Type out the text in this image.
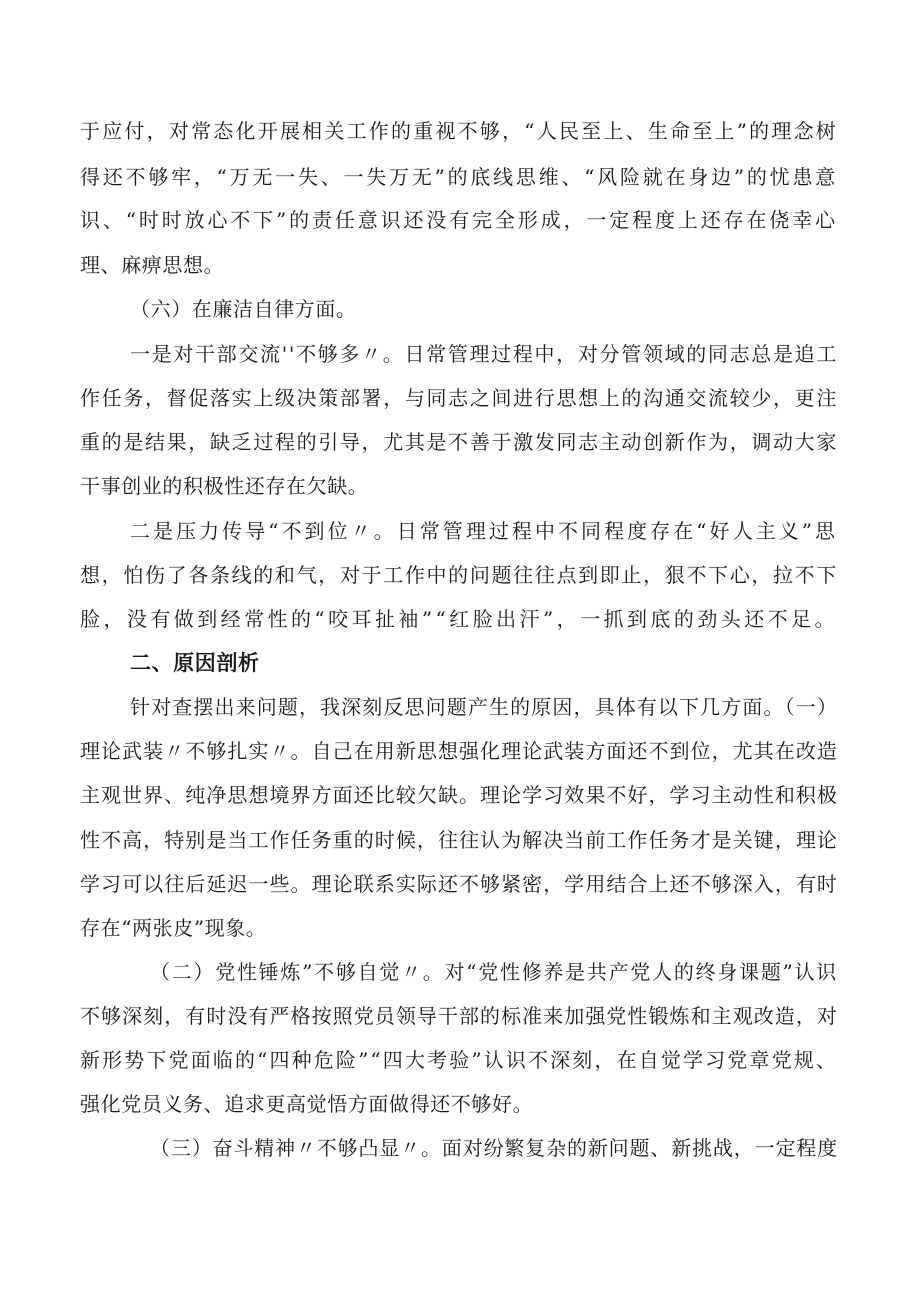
于应付，对常态化开展相关工作的重视不够，“人民至上、生命至上”的理念树
得还不够牢，“万无一失、一失万无”的底线思维、“风险就在身边”的忧患意
识、“时时放心不下”的责任意识还没有完全形成，一定程度上还存在侥幸心
理、麻痹思想。
（六）在廉洁自律方面。
一是对干部交流''不够多〃。日常管理过程中，对分管领域的同志总是追工
作任务，督促落实上级决策部署，与同志之间进行思想上的沟通交流较少，更注
重的是结果，缺乏过程的引导，尤其是不善于激发同志主动创新作为，调动大家
干事创业的积极性还存在欠缺。
二是压力传导“不到位〃。日常管理过程中不同程度存在“好人主义”思
想，怕伤了各条线的和气，对于工作中的问题往往点到即止，狠不下心，拉不下
脸，没有做到经常性的“咬耳扯袖”“红脸出汗”，一抓到底的劲头还不足。
二、原因剖析
针对查摆出来问题，我深刻反思问题产生的原因，具体有以下几方面。（一）
理论武装〃不够扎实〃。自己在用新思想强化理论武装方面还不到位，尤其在改造
主观世界、纯净思想境界方面还比较欠缺。理论学习效果不好，学习主动性和积极
性不高，特别是当工作任务重的时候，往往认为解决当前工作任务才是关键，理论
学习可以往后延迟一些。理论联系实际还不够紧密，学用结合上还不够深入，有时
存在“两张皮”现象。
（二）党性锤炼”不够自觉〃。对“党性修养是共产党人的终身课题”认识
不够深刻，有时没有严格按照党员领导干部的标准来加强党性锻炼和主观改造，对
新形势下党面临的“四种危险”“四大考验”认识不深刻，在自觉学习党章党规、
强化党员义务、追求更高觉悟方面做得还不够好。
（三）奋斗精神〃不够凸显〃。面对纷繁复杂的新问题、新挑战，一定程度
